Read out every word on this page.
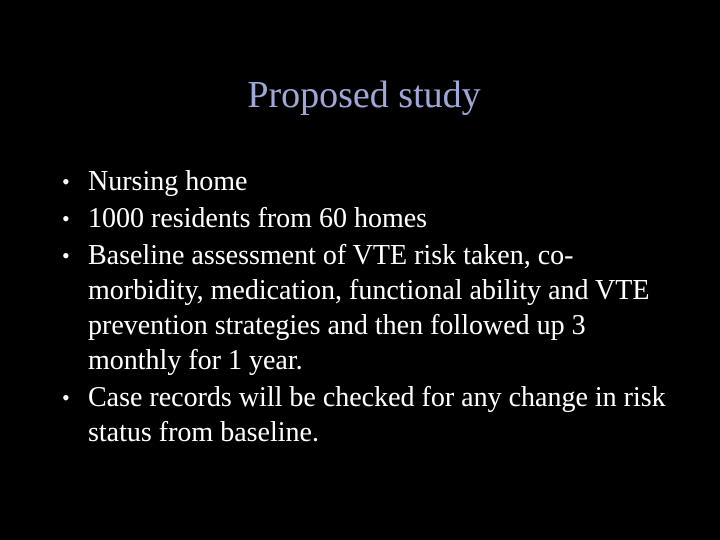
Proposed study
• Nursing home
• 1000 residents from 60 homes
• Baseline assessment of VTE risk taken, co-morbidity, medication, functional ability and VTE prevention strategies and then followed up 3 monthly for 1 year.
• Case records will be checked for any change in risk status from baseline.
